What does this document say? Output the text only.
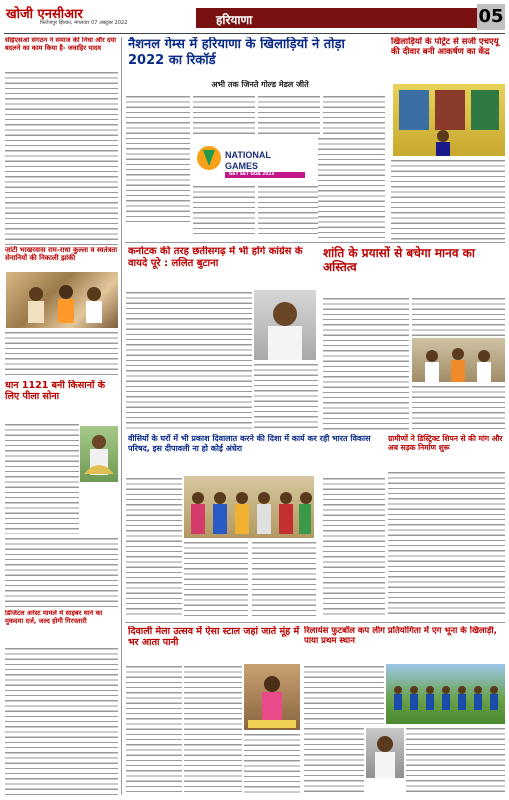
खोजी एनसीआर
फिरोजपुर झिरका, मंगलवार 07 अक्टूबर 2022	हरियाणा	05
सीईएसओ संगठन ने समाज की निधा और दया बदलने का काम किया है- जवाहिर यादव
जांटी भाखरवास राम-राधा कुल्ला व स्वतंत्रता सेनानियों की निकाली झांकी
धान 1121 बनी किसानों के लिए पीला सोना
डिजिटल अरेस्ट मामले में साइबर थाने का मुकदमा दर्ज, जल्द होगी गिरफ्तारी
नैशनल गेम्स में हरियाणा के खिलाड़ियों ने तोड़ा 2022 का रिकॉर्ड
अभी तक जिनते गोल्ड मेडल जीते
NATIONAL
GAMES
GET SET GOA 2023
खिलाड़ियों के पोर्ट्रेट से सजी एचएयू की दीवार बनी आकर्षण का केंद्र
कर्नाटक की तरह छतीसगढ़ में भी होंगे कांग्रेस के वायदे पूरे : ललित बुटाना
शांति के प्रयासों से बचेगा मानव का अस्तित्व
वीसियों के घरों में भी प्रकाश दिवालात करने की दिशा में कार्य कर रही भारत विकास परिषद, इस दीपावली ना हो कोई अंधेरा
ग्रामीणों ने डिस्ट्रिक्ट शिपन से की मांग और अब सड़क निर्माण शुरू
दिवाली मेला उत्सव में ऐसा स्टाल जहां जाते मूंह में भर आता पानी
रिलायंस फुटबॉल कप लीग प्रतियोगिता में एग भूना के खिलाड़ी, पाया प्रथम स्थान
